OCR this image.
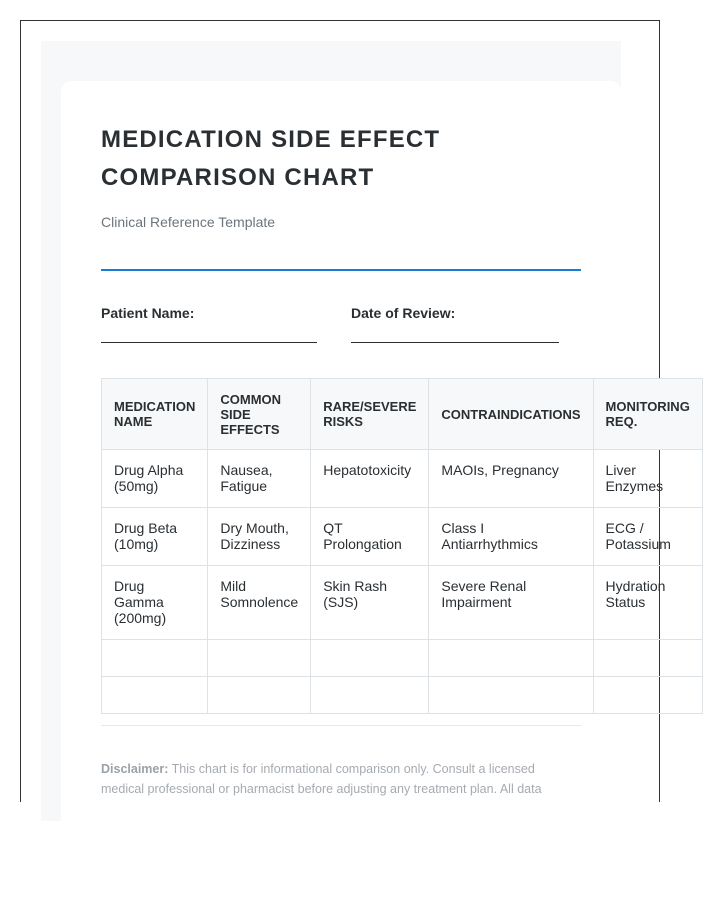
MEDICATION SIDE EFFECT COMPARISON CHART
Clinical Reference Template
Patient Name:	Date of Review:
MEDICATION NAME	COMMON SIDE EFFECTS	RARE/SEVERE RISKS	CONTRAINDICATIONS	MONITORING REQ.
Drug Alpha (50mg)	Nausea, Fatigue	Hepatotoxicity	MAOIs, Pregnancy	Liver Enzymes
Drug Beta (10mg)	Dry Mouth, Dizziness	QT Prolongation	Class I Antiarrhythmics	ECG / Potassium
Drug Gamma (200mg)	Mild Somnolence	Skin Rash (SJS)	Severe Renal Impairment	Hydration Status

Disclaimer: This chart is for informational comparison only. Consult a licensed medical professional or pharmacist before adjusting any treatment plan. All data
